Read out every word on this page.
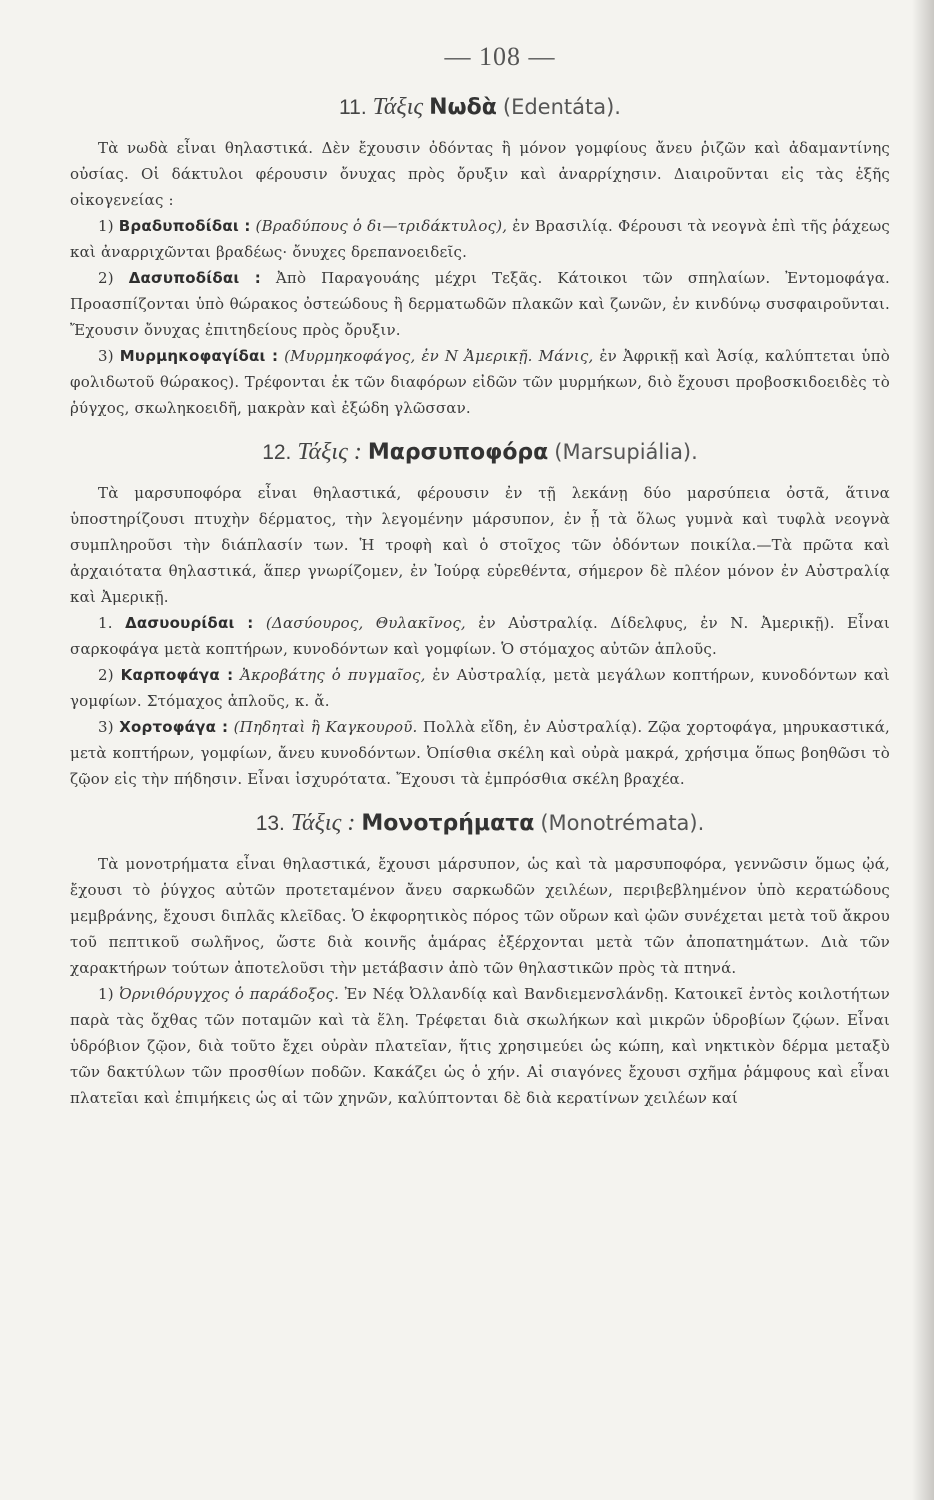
— 108 —
11. Τάξις Νωδὰ (Edentáta).

Τὰ νωδὰ εἶναι θηλαστικά. Δὲν ἔχουσιν ὀδόντας ἢ μόνον γομφίους ἄνευ ῥιζῶν καὶ ἀδαμαντίνης οὐσίας. Οἱ δάκτυλοι φέρουσιν ὄνυχας πρὸς ὄρυξιν καὶ ἀναρρίχησιν. Διαιροῦνται εἰς τὰς ἑξῆς οἰκογενείας :

1) Βραδυποδίδαι : (Βραδύπους ὁ δι—τριδάκτυλος), ἐν Βρασιλίᾳ. Φέρουσι τὰ νεογνὰ ἐπὶ τῆς ῥάχεως καὶ ἀναρριχῶνται βραδέως· ὄνυχες δρεπανοειδεῖς.

2) Δασυποδίδαι : Ἀπὸ Παραγουάης μέχρι Τεξᾶς. Κάτοικοι τῶν σπηλαίων. Ἐντομοφάγα. Προασπίζονται ὑπὸ θώρακος ὀστεώδους ἢ δερματωδῶν πλακῶν καὶ ζωνῶν, ἐν κινδύνῳ συσφαιροῦνται. Ἔχουσιν ὄνυχας ἐπιτηδείους πρὸς ὄρυξιν.

3) Μυρμηκοφαγίδαι : (Μυρμηκοφάγος, ἐν Ν Ἀμερικῇ. Μάνις, ἐν Ἀφρικῇ καὶ Ἀσίᾳ, καλύπτεται ὑπὸ φολιδωτοῦ θώρακος). Τρέφονται ἐκ τῶν διαφόρων εἰδῶν τῶν μυρμήκων, διὸ ἔχουσι προβοσκιδοειδὲς τὸ ῥύγχος, σκωληκοειδῆ, μακρὰν καὶ ἐξώδη γλῶσσαν.

12. Τάξις : Μαρσυποφόρα (Marsupiália).

Τὰ μαρσυποφόρα εἶναι θηλαστικά, φέρουσιν ἐν τῇ λεκάνῃ δύο μαρσύπεια ὀστᾶ, ἅτινα ὑποστηρίζουσι πτυχὴν δέρματος, τὴν λεγομένην μάρσυπον, ἐν ᾗ τὰ ὅλως γυμνὰ καὶ τυφλὰ νεογνὰ συμπληροῦσι τὴν διάπλασίν των. Ἡ τροφὴ καὶ ὁ στοῖχος τῶν ὀδόντων ποικίλα.—Τὰ πρῶτα καὶ ἀρχαιότατα θηλαστικά, ἅπερ γνωρίζομεν, ἐν Ἰούρᾳ εὑρεθέντα, σήμερον δὲ πλέον μόνον ἐν Αὐστραλίᾳ καὶ Ἀμερικῇ.

1. Δασυουρίδαι : (Δασύουρος, Θυλακῖνος, ἐν Αὐστραλίᾳ. Δίδελφυς, ἐν Ν. Ἀμερικῇ). Εἶναι σαρκοφάγα μετὰ κοπτήρων, κυνοδόντων καὶ γομφίων. Ὁ στόμαχος αὐτῶν ἁπλοῦς.

2) Καρποφάγα : Ἀκροβάτης ὁ πυγμαῖος, ἐν Αὐστραλίᾳ, μετὰ μεγάλων κοπτήρων, κυνοδόντων καὶ γομφίων. Στόμαχος ἁπλοῦς, κ. ἄ.

3) Χορτοφάγα : (Πηδηταὶ ἢ Καγκουροῦ. Πολλὰ εἴδη, ἐν Αὐστραλίᾳ). Ζῷα χορτοφάγα, μηρυκαστικά, μετὰ κοπτήρων, γομφίων, ἄνευ κυνοδόντων. Ὀπίσθια σκέλη καὶ οὐρὰ μακρά, χρήσιμα ὅπως βοηθῶσι τὸ ζῷον εἰς τὴν πήδησιν. Εἶναι ἰσχυρότατα. Ἔχουσι τὰ ἐμπρόσθια σκέλη βραχέα.

13. Τάξις : Μονοτρήματα (Monotrémata).

Τὰ μονοτρήματα εἶναι θηλαστικά, ἔχουσι μάρσυπον, ὡς καὶ τὰ μαρσυποφόρα, γεννῶσιν ὅμως ᾠά, ἔχουσι τὸ ῥύγχος αὐτῶν προτεταμένον ἄνευ σαρκωδῶν χειλέων, περιβεβλημένον ὑπὸ κερατώδους μεμβράνης, ἔχουσι διπλᾶς κλεῖδας. Ὁ ἐκφορητικὸς πόρος τῶν οὔρων καὶ ᾠῶν συνέχεται μετὰ τοῦ ἄκρου τοῦ πεπτικοῦ σωλῆνος, ὥστε διὰ κοινῆς ἁμάρας ἐξέρχονται μετὰ τῶν ἀποπατημάτων. Διὰ τῶν χαρακτήρων τούτων ἀποτελοῦσι τὴν μετάβασιν ἀπὸ τῶν θηλαστικῶν πρὸς τὰ πτηνά.

1) Ὀρνιθόρυγχος ὁ παράδοξος. Ἐν Νέᾳ Ὀλλανδίᾳ καὶ Βανδιεμενσλάνδῃ. Κατοικεῖ ἐντὸς κοιλοτήτων παρὰ τὰς ὄχθας τῶν ποταμῶν καὶ τὰ ἕλη. Τρέφεται διὰ σκωλήκων καὶ μικρῶν ὑδροβίων ζῴων. Εἶναι ὑδρόβιον ζῷον, διὰ τοῦτο ἔχει οὐρὰν πλατεῖαν, ἥτις χρησιμεύει ὡς κώπη, καὶ νηκτικὸν δέρμα μεταξὺ τῶν δακτύλων τῶν προσθίων ποδῶν. Κακάζει ὡς ὁ χήν. Αἱ σιαγόνες ἔχουσι σχῆμα ῥάμφους καὶ εἶναι πλατεῖαι καὶ ἐπιμήκεις ὡς αἱ τῶν χηνῶν, καλύπτονται δὲ διὰ κερατίνων χειλέων καί
